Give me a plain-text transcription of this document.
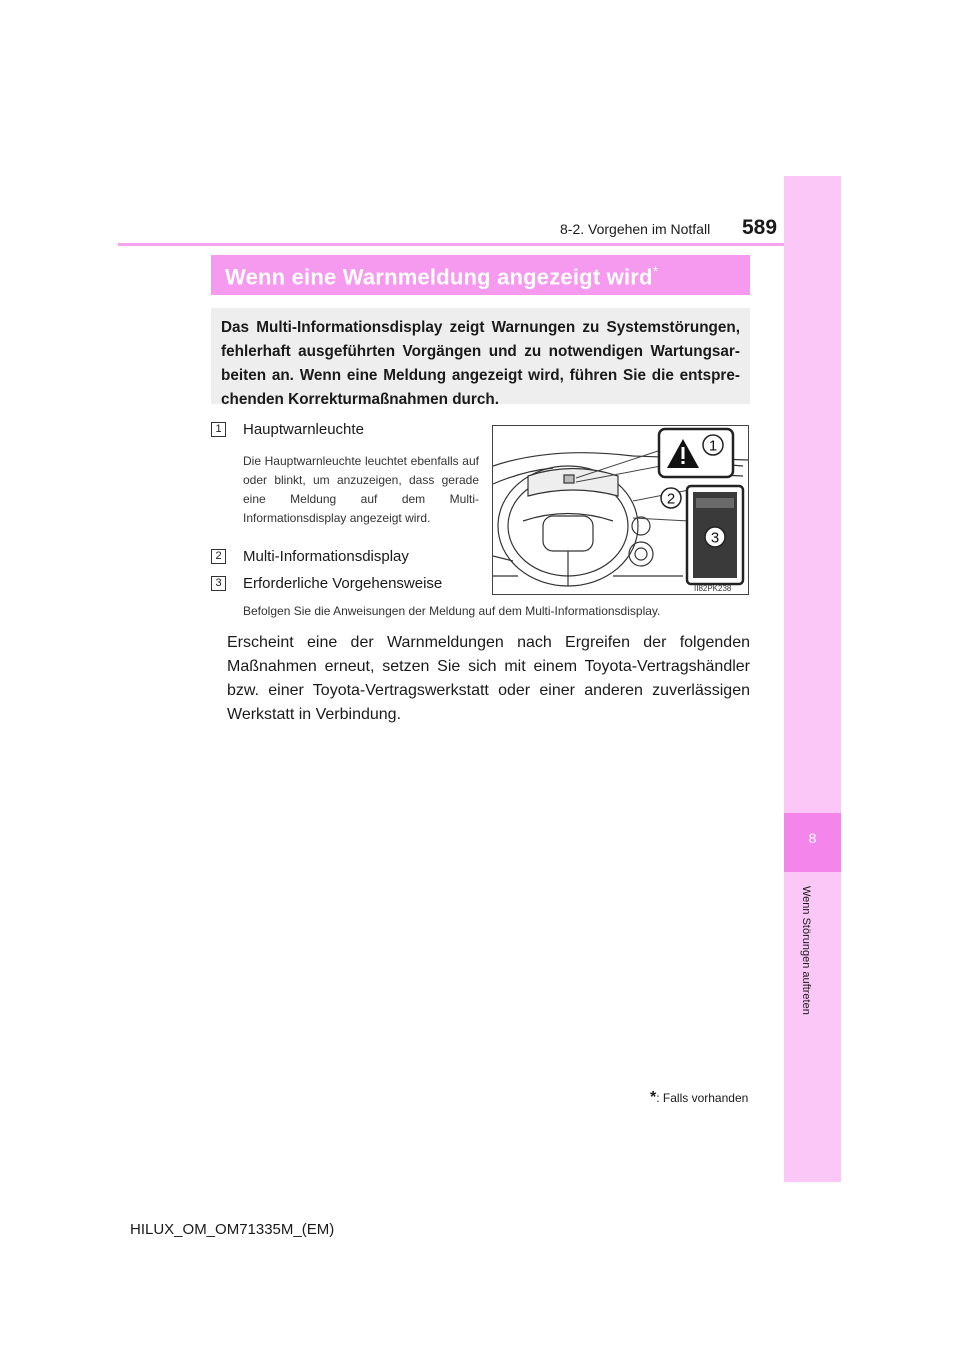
8-2. Vorgehen im Notfall 589
8
Wenn Störungen auftreten
Wenn eine Warnmeldung angezeigt wird*
Das Multi-Informationsdisplay zeigt Warnungen zu Systemstörungen, fehlerhaft ausgeführten Vorgängen und zu notwendigen Wartungsarbeiten an. Wenn eine Meldung angezeigt wird, führen Sie die entsprechenden Korrekturmaßnahmen durch.
1 Hauptwarnleuchte
Die Hauptwarnleuchte leuchtet ebenfalls auf oder blinkt, um anzuzeigen, dass gerade eine Meldung auf dem Multi-Informationsdisplay angezeigt wird.
2 Multi-Informationsdisplay
3 Erforderliche Vorgehensweise
Befolgen Sie die Anweisungen der Meldung auf dem Multi-Informationsdisplay.
1
2
3
II82PK238
Erscheint eine der Warnmeldungen nach Ergreifen der folgenden Maßnahmen erneut, setzen Sie sich mit einem Toyota-Vertragshändler bzw. einer Toyota-Vertragswerkstatt oder einer anderen zuverlässigen Werkstatt in Verbindung.
*: Falls vorhanden
HILUX_OM_OM71335M_(EM)
